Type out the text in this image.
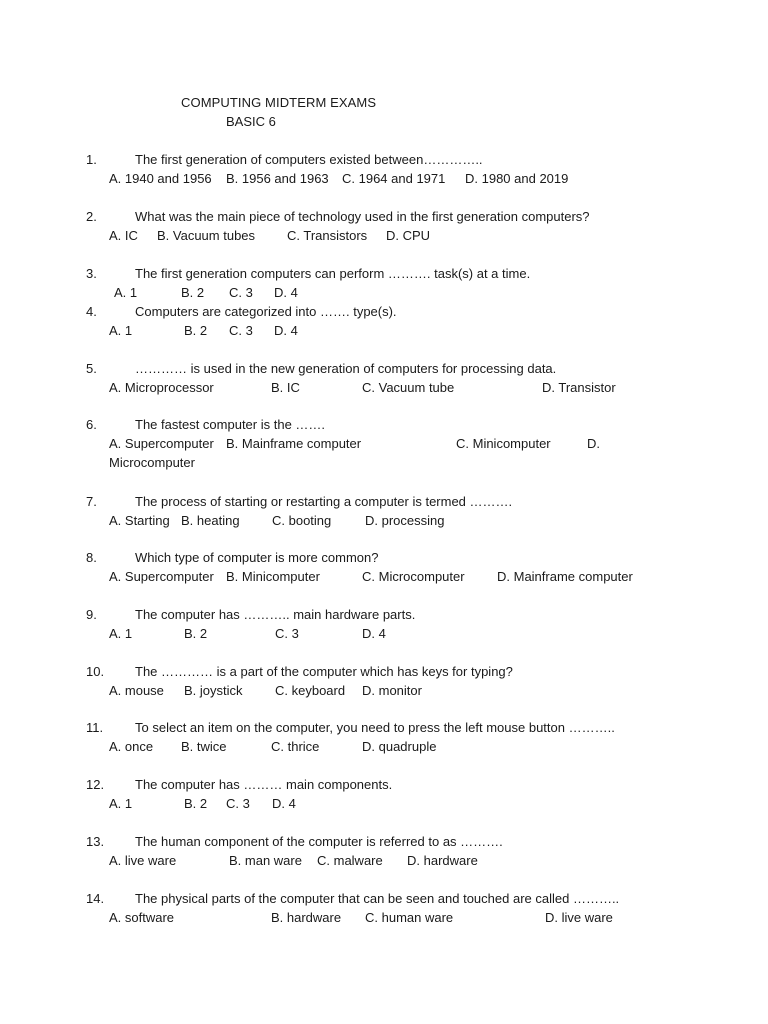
COMPUTING MIDTERM EXAMS
BASIC 6
1.	The first generation of computers existed between…………..
A. 1940 and 1956 B. 1956 and 1963 C. 1964 and 1971 D. 1980 and 2019
2.	What was the main piece of technology used in the first generation computers?
A. IC B. Vacuum tubes C. Transistors D. CPU
3.	The first generation computers can perform ………. task(s) at a time.
A. 1	B. 2 C. 3 D. 4
4.	Computers are categorized into ……. type(s).
A. 1	B. 2 C. 3 D. 4
5.	………… is used in the new generation of computers for processing data.
A. Microprocessor	B. IC	C. Vacuum tube	D. Transistor
6.	The fastest computer is the …….
A. Supercomputer B. Mainframe computer	C. Minicomputer	D.
Microcomputer
7.	The process of starting or restarting a computer is termed ……….
A. Starting B. heating C. booting	D. processing
8.	Which type of computer is more common?
A. Supercomputer B. Minicomputer	C. Microcomputer D. Mainframe computer
9.	The computer has ……….. main hardware parts.
A. 1	B. 2	C. 3	D. 4
10. The ………… is a part of the computer which has keys for typing?
A. mouse B. joystick C. keyboard D. monitor
11. To select an item on the computer, you need to press the left mouse button ………..
A. once B. twice	C. thrice	D. quadruple
12. The computer has ……… main components.
A. 1	B. 2 C. 3 D. 4
13. The human component of the computer is referred to as ……….
A. live ware	B. man ware C. malware D. hardware
14. The physical parts of the computer that can be seen and touched are called ………..
A. software	B. hardware C. human ware	D. live ware
